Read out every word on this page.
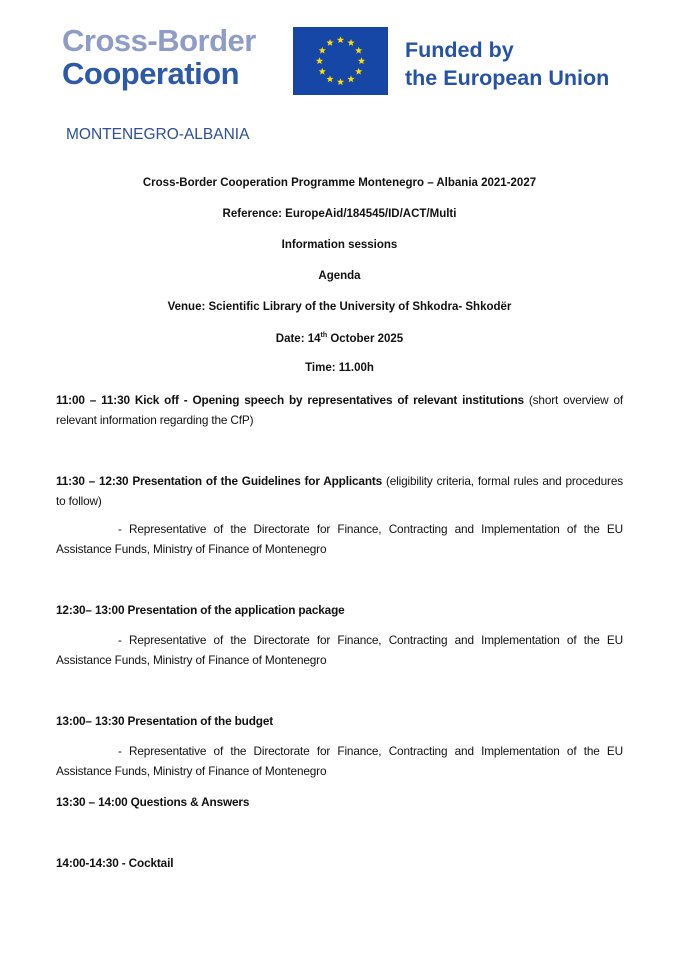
Cross-Border
Cooperation
Funded by
the European Union
MONTENEGRO-ALBANIA
Cross-Border Cooperation Programme Montenegro – Albania 2021-2027
Reference: EuropeAid/184545/ID/ACT/Multi
Information sessions
Agenda
Venue: Scientific Library of the University of Shkodra- Shkodër
Date: 14th October 2025
Time: 11.00h
11:00 – 11:30 Kick off - Opening speech by representatives of relevant institutions (short overview of relevant information regarding the CfP)
11:30 – 12:30 Presentation of the Guidelines for Applicants (eligibility criteria, formal rules and procedures to follow)
- Representative of the Directorate for Finance, Contracting and Implementation of the EU Assistance Funds, Ministry of Finance of Montenegro
12:30– 13:00 Presentation of the application package
- Representative of the Directorate for Finance, Contracting and Implementation of the EU Assistance Funds, Ministry of Finance of Montenegro
13:00– 13:30 Presentation of the budget
- Representative of the Directorate for Finance, Contracting and Implementation of the EU Assistance Funds, Ministry of Finance of Montenegro
13:30 – 14:00 Questions & Answers
14:00-14:30 - Cocktail
